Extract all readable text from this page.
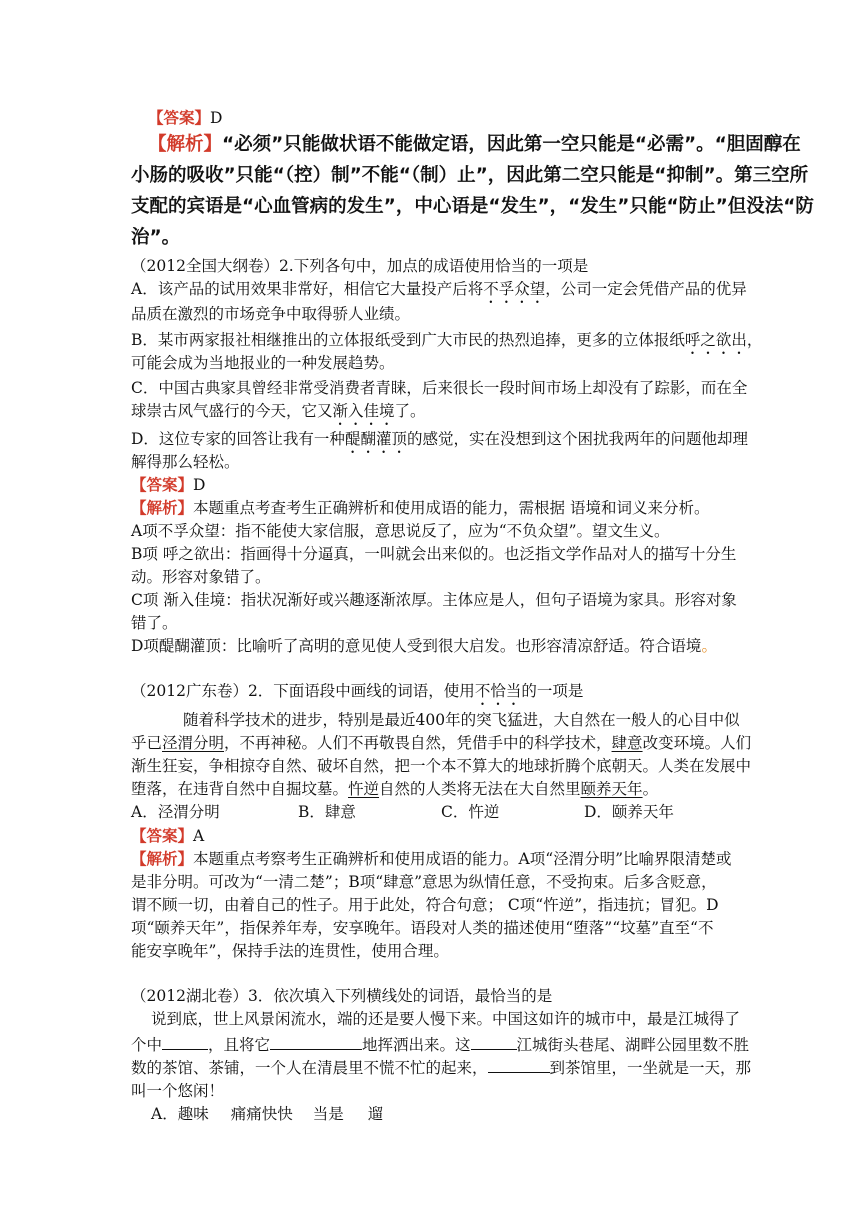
【答案】D
【解析】“必须”只能做状语不能做定语，因此第一空只能是“必需”。“胆固醇在
小肠的吸收”只能“（控）制”不能“（制）止”，因此第二空只能是“抑制”。第三空所
支配的宾语是“心血管病的发生”，中心语是“发生”，“发生”只能“防止”但没法“防
治”。
（2012全国大纲卷）2.下列各句中，加点的成语使用恰当的一项是
A．该产品的试用效果非常好，相信它大量投产后将不孚众望，公司一定会凭借产品的优异
品质在激烈的市场竞争中取得骄人业绩。
B．某市两家报社相继推出的立体报纸受到广大市民的热烈追捧，更多的立体报纸呼之欲出，
可能会成为当地报业的一种发展趋势。
C．中国古典家具曾经非常受消费者青睐，后来很长一段时间市场上却没有了踪影，而在全
球崇古风气盛行的今天，它又渐入佳境了。
D．这位专家的回答让我有一种醍醐灌顶的感觉，实在没想到这个困扰我两年的问题他却理
解得那么轻松。
【答案】D
【解析】本题重点考查考生正确辨析和使用成语的能力，需根据 语境和词义来分析。
A项不孚众望：指不能使大家信服，意思说反了，应为“不负众望”。望文生义。
B项 呼之欲出：指画得十分逼真，一叫就会出来似的。也泛指文学作品对人的描写十分生
动。形容对象错了。
C项 渐入佳境：指状况渐好或兴趣逐渐浓厚。主体应是人，但句子语境为家具。形容对象
错了。
D项醍醐灌顶：比喻听了高明的意见使人受到很大启发。也形容清凉舒适。符合语境。
（2012广东卷）2．下面语段中画线的词语，使用不恰当的一项是
随着科学技术的进步，特别是最近400年的突飞猛进，大自然在一般人的心目中似
乎已泾渭分明，不再神秘。人们不再敬畏自然，凭借手中的科学技术，肆意改变环境。人们
渐生狂妄，争相掠夺自然、破坏自然，把一个本不算大的地球折腾个底朝天。人类在发展中
堕落，在违背自然中自掘坟墓。忤逆自然的人类将无法在大自然里颐养天年。
A．泾渭分明	B．肆意	C．忤逆	D．颐养天年
【答案】A
【解析】本题重点考察考生正确辨析和使用成语的能力。A项“泾渭分明”比喻界限清楚或
是非分明。可改为“一清二楚”；B项“肆意”意思为纵情任意，不受拘束。后多含贬意，
谓不顾一切，由着自己的性子。用于此处，符合句意； C项“忤逆”，指违抗；冒犯。D
项“颐养天年”，指保养年寿，安享晚年。语段对人类的描述使用“堕落”“坟墓”直至“不
能安享晚年”，保持手法的连贯性，使用合理。
（2012湖北卷）3．依次填入下列横线处的词语，最恰当的是
说到底，世上风景闲流水，端的还是要人慢下来。中国这如许的城市中，最是江城得了
个中	，且将它	地挥洒出来。这	江城街头巷尾、湖畔公园里数不胜
数的茶馆、茶铺，一个人在清晨里不慌不忙的起来，	到茶馆里，一坐就是一天，那
叫一个悠闲！
A．趣味 痛痛快快 当是 遛
